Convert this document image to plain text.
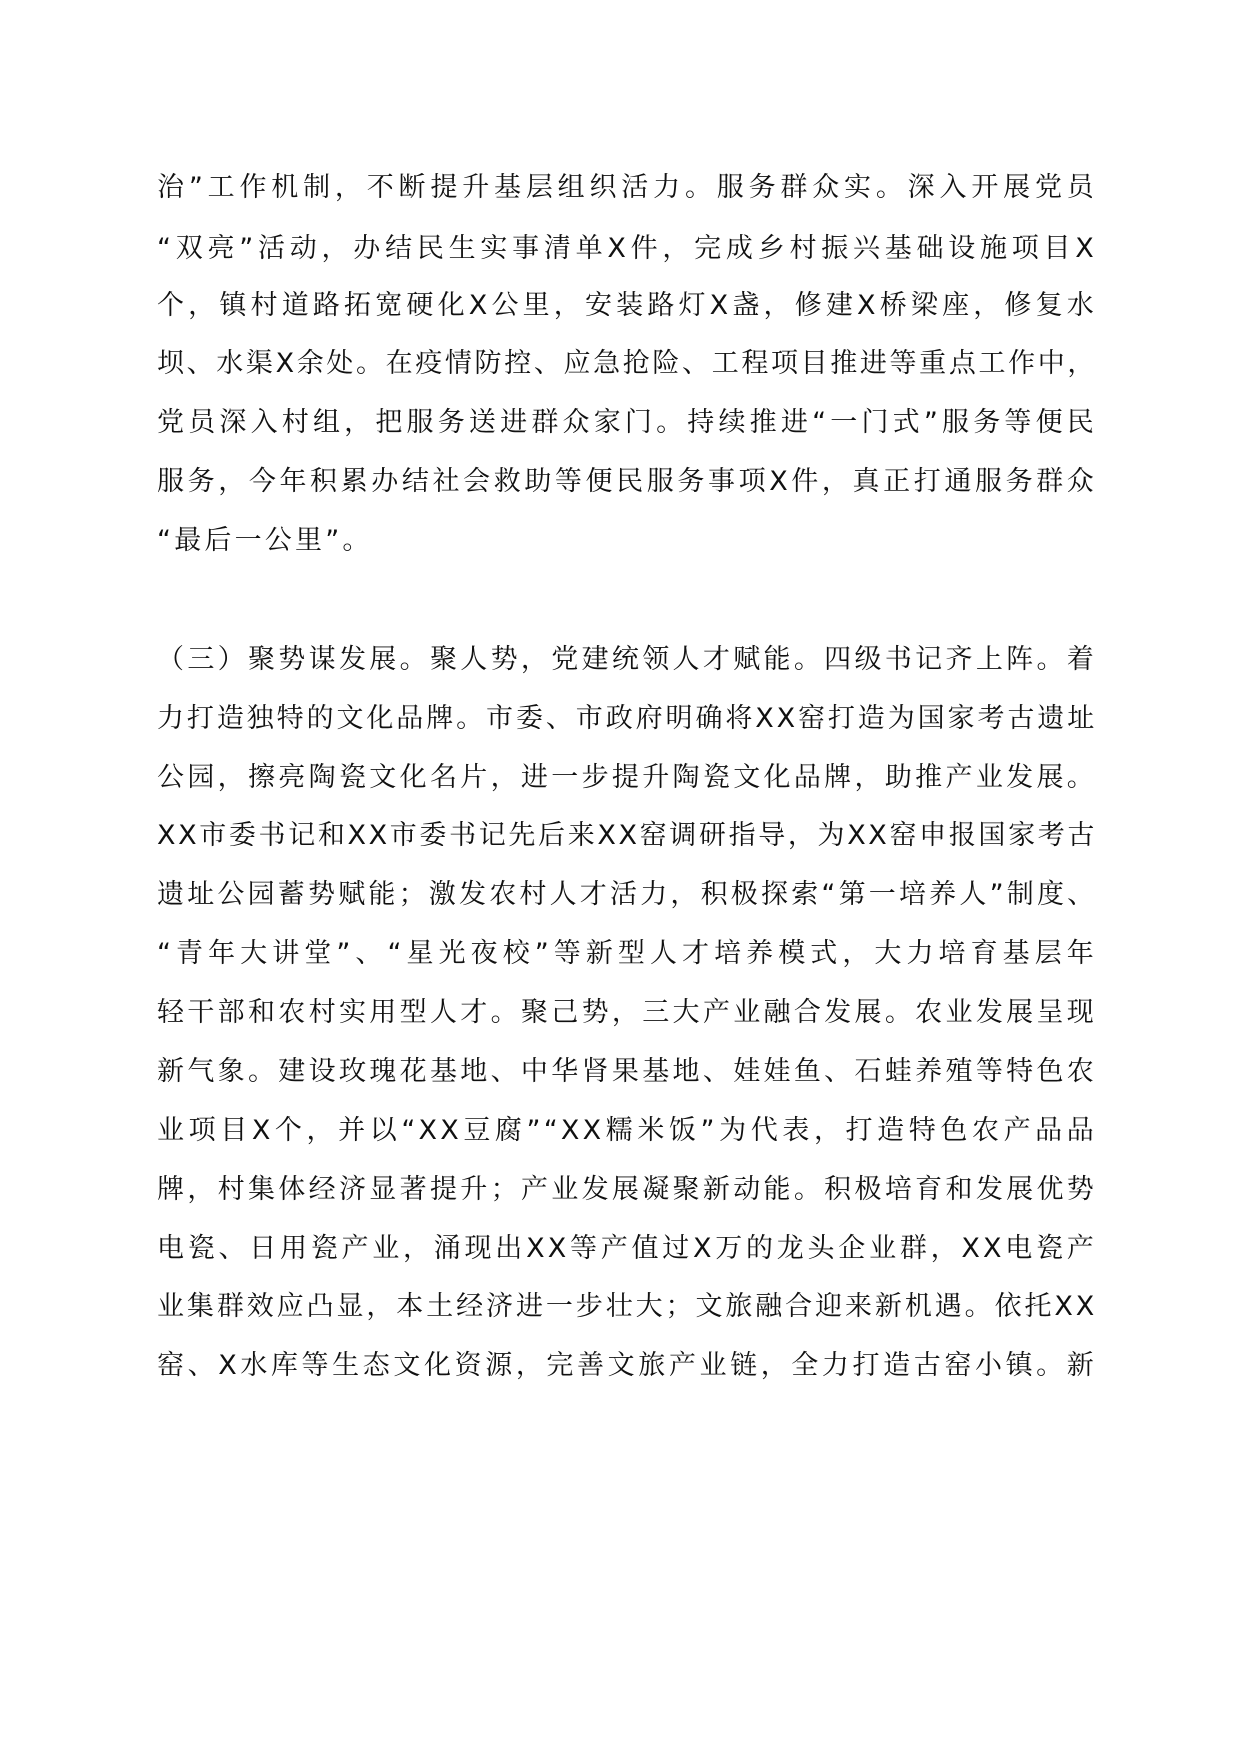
治”工作机制，不断提升基层组织活力。服务群众实。深入开展党员
“双亮”活动，办结民生实事清单X件，完成乡村振兴基础设施项目X
个，镇村道路拓宽硬化X公里，安装路灯X盏，修建X桥梁座，修复水
坝、水渠X余处。在疫情防控、应急抢险、工程项目推进等重点工作中，
党员深入村组，把服务送进群众家门。持续推进“一门式”服务等便民
服务，今年积累办结社会救助等便民服务事项X件，真正打通服务群众
“最后一公里”。
（三）聚势谋发展。聚人势，党建统领人才赋能。四级书记齐上阵。着
力打造独特的文化品牌。市委、市政府明确将XX窑打造为国家考古遗址
公园，擦亮陶瓷文化名片，进一步提升陶瓷文化品牌，助推产业发展。
XX市委书记和XX市委书记先后来XX窑调研指导，为XX窑申报国家考古
遗址公园蓄势赋能；激发农村人才活力，积极探索“第一培养人”制度、
“青年大讲堂”、“星光夜校”等新型人才培养模式，大力培育基层年
轻干部和农村实用型人才。聚己势，三大产业融合发展。农业发展呈现
新气象。建设玫瑰花基地、中华肾果基地、娃娃鱼、石蛙养殖等特色农
业项目X个，并以“XX豆腐”“XX糯米饭”为代表，打造特色农产品品
牌，村集体经济显著提升；产业发展凝聚新动能。积极培育和发展优势
电瓷、日用瓷产业，涌现出XX等产值过X万的龙头企业群，XX电瓷产
业集群效应凸显，本土经济进一步壮大；文旅融合迎来新机遇。依托XX
窑、X水库等生态文化资源，完善文旅产业链，全力打造古窑小镇。新
